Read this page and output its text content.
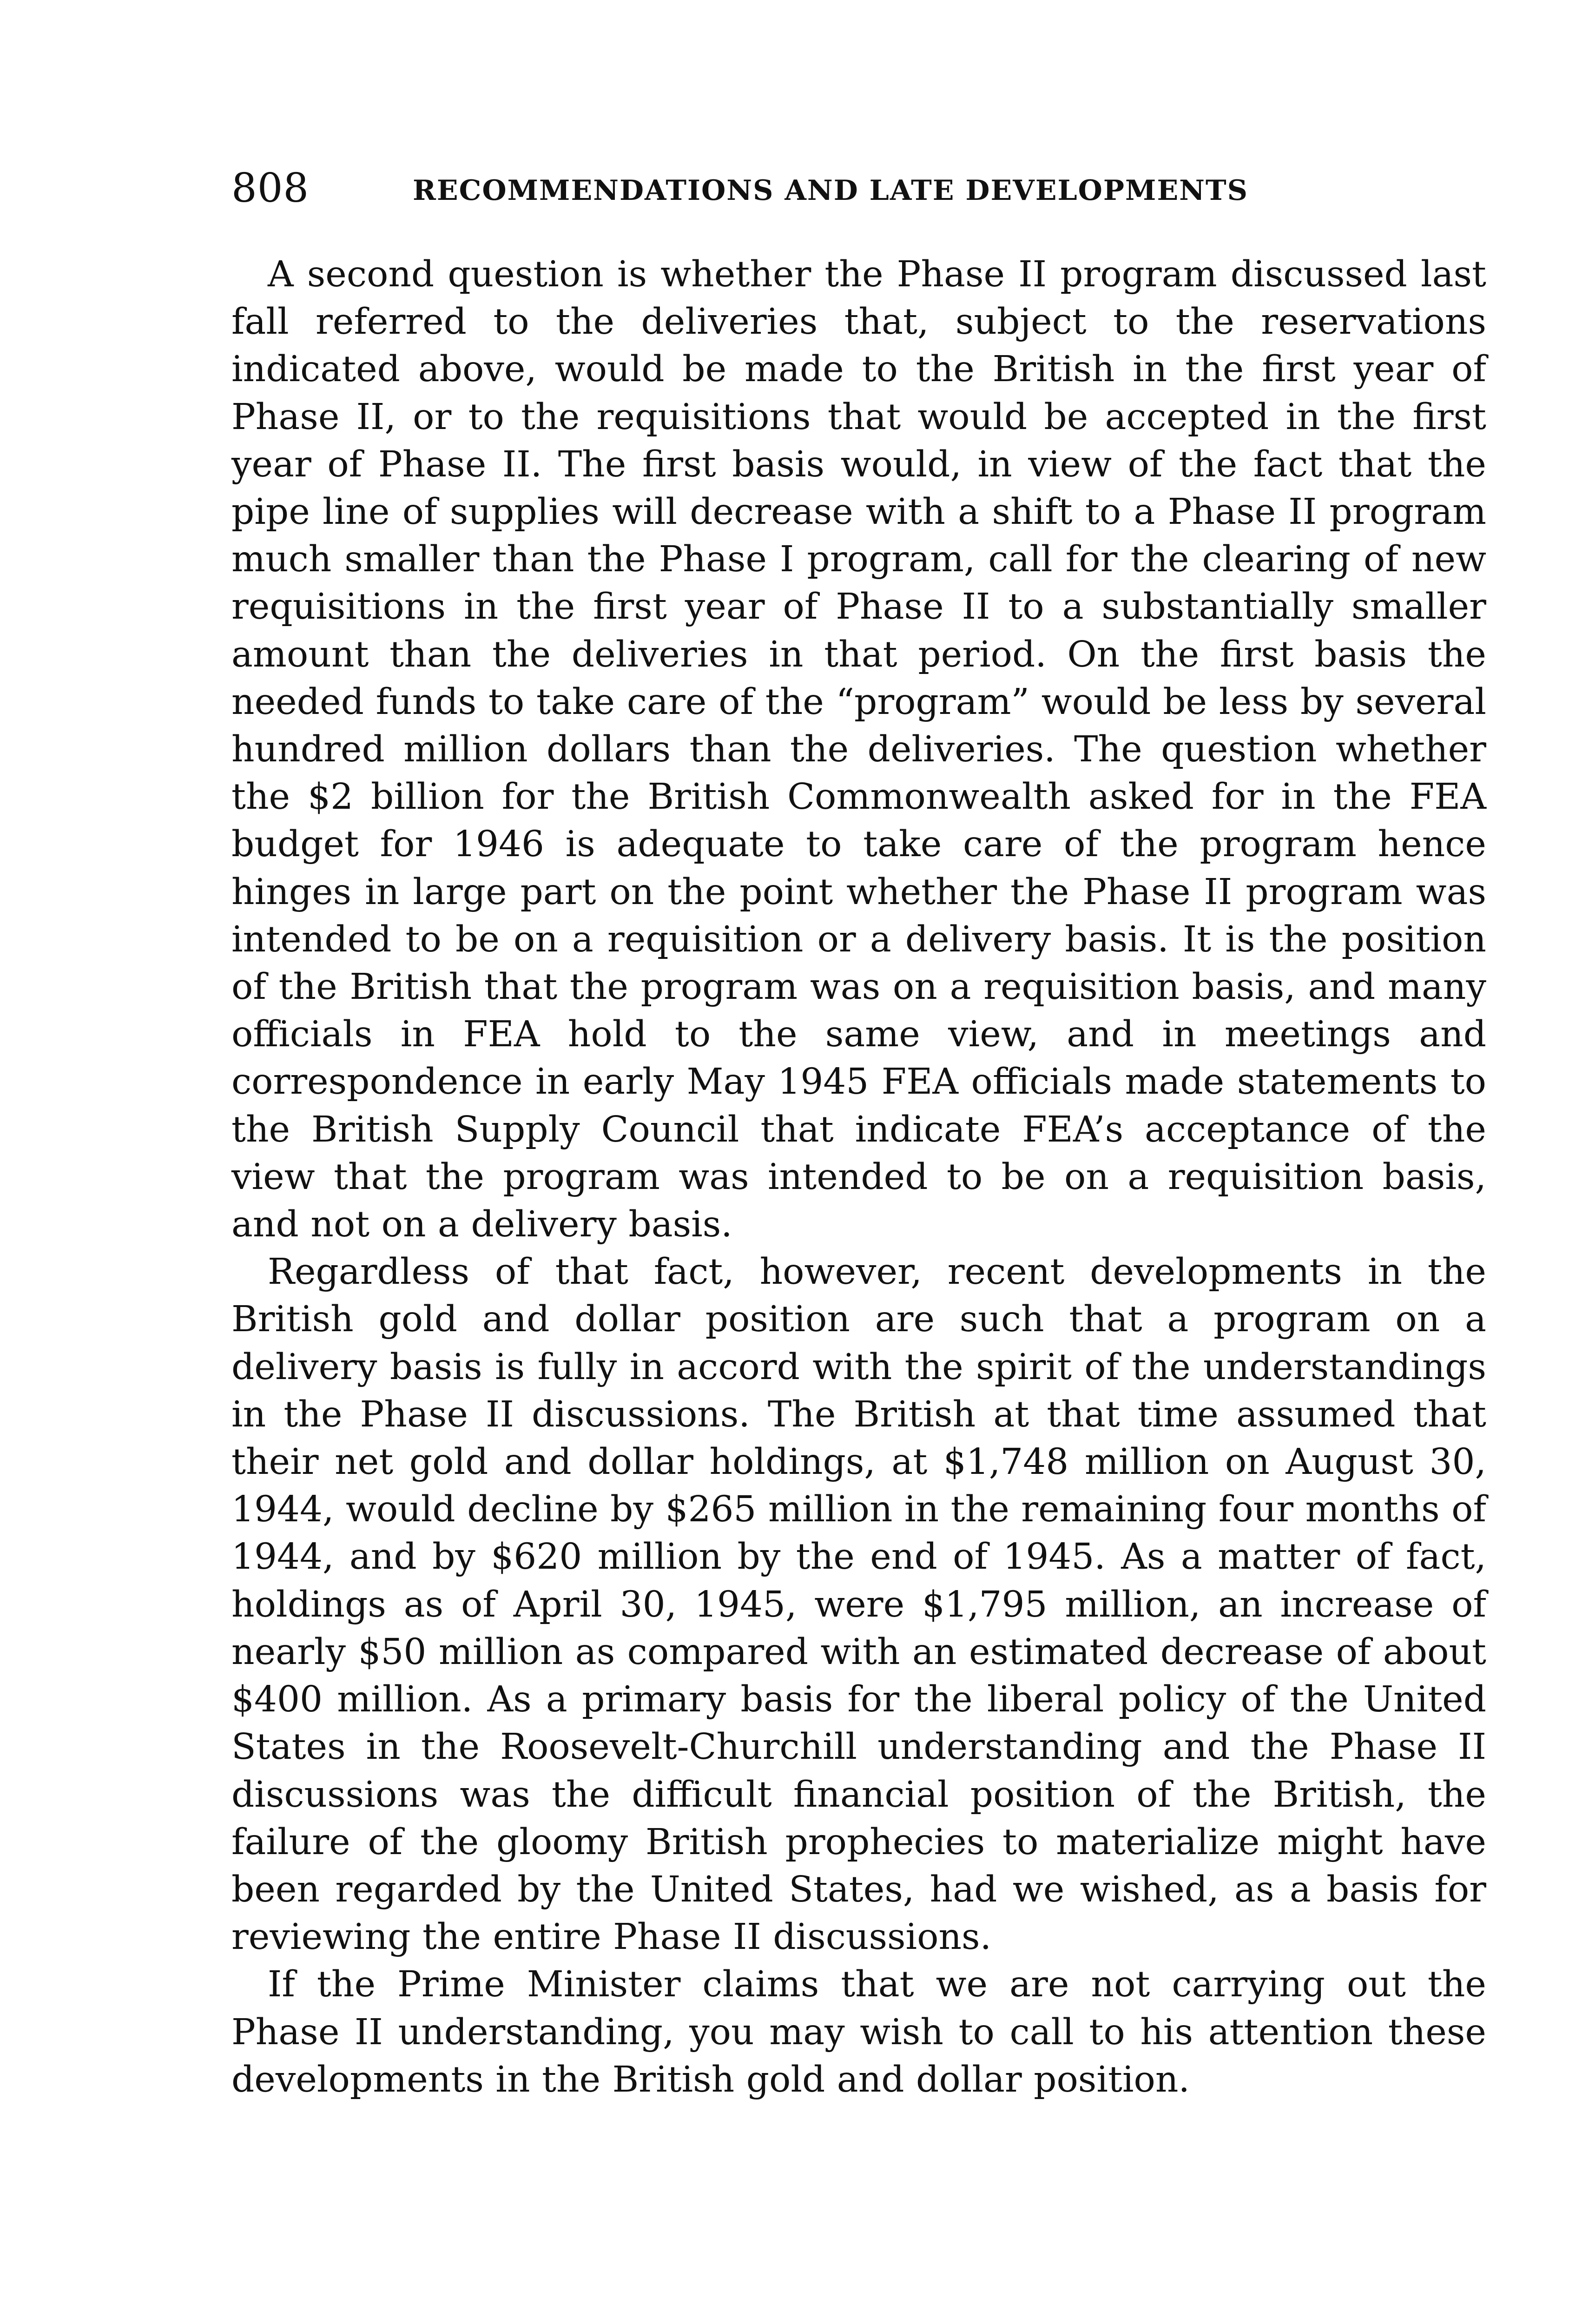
808	RECOMMENDATIONS AND LATE DEVELOPMENTS

A second question is whether the Phase II program discussed last fall referred to the deliveries that, subject to the reservations indicated above, would be made to the British in the first year of Phase II, or to the requisitions that would be accepted in the first year of Phase II. The first basis would, in view of the fact that the pipe line of supplies will decrease with a shift to a Phase II program much smaller than the Phase I program, call for the clearing of new requisitions in the first year of Phase II to a substantially smaller amount than the deliveries in that period. On the first basis the needed funds to take care of the “program” would be less by several hundred million dollars than the deliveries. The question whether the $2 billion for the British Commonwealth asked for in the FEA budget for 1946 is adequate to take care of the program hence hinges in large part on the point whether the Phase II program was intended to be on a requisition or a delivery basis. It is the position of the British that the program was on a requisition basis, and many officials in FEA hold to the same view, and in meetings and correspondence in early May 1945 FEA officials made statements to the British Supply Council that indicate FEA’s acceptance of the view that the program was intended to be on a requisition basis, and not on a delivery basis.

Regardless of that fact, however, recent developments in the British gold and dollar position are such that a program on a delivery basis is fully in accord with the spirit of the understandings in the Phase II discussions. The British at that time assumed that their net gold and dollar holdings, at $1,748 million on August 30, 1944, would decline by $265 million in the remaining four months of 1944, and by $620 million by the end of 1945. As a matter of fact, holdings as of April 30, 1945, were $1,795 million, an increase of nearly $50 million as compared with an estimated decrease of about $400 million. As a primary basis for the liberal policy of the United States in the Roosevelt-Churchill understanding and the Phase II discussions was the difficult financial position of the British, the failure of the gloomy British prophecies to materialize might have been regarded by the United States, had we wished, as a basis for reviewing the entire Phase II discussions.

If the Prime Minister claims that we are not carrying out the Phase II understanding, you may wish to call to his attention these developments in the British gold and dollar position.
